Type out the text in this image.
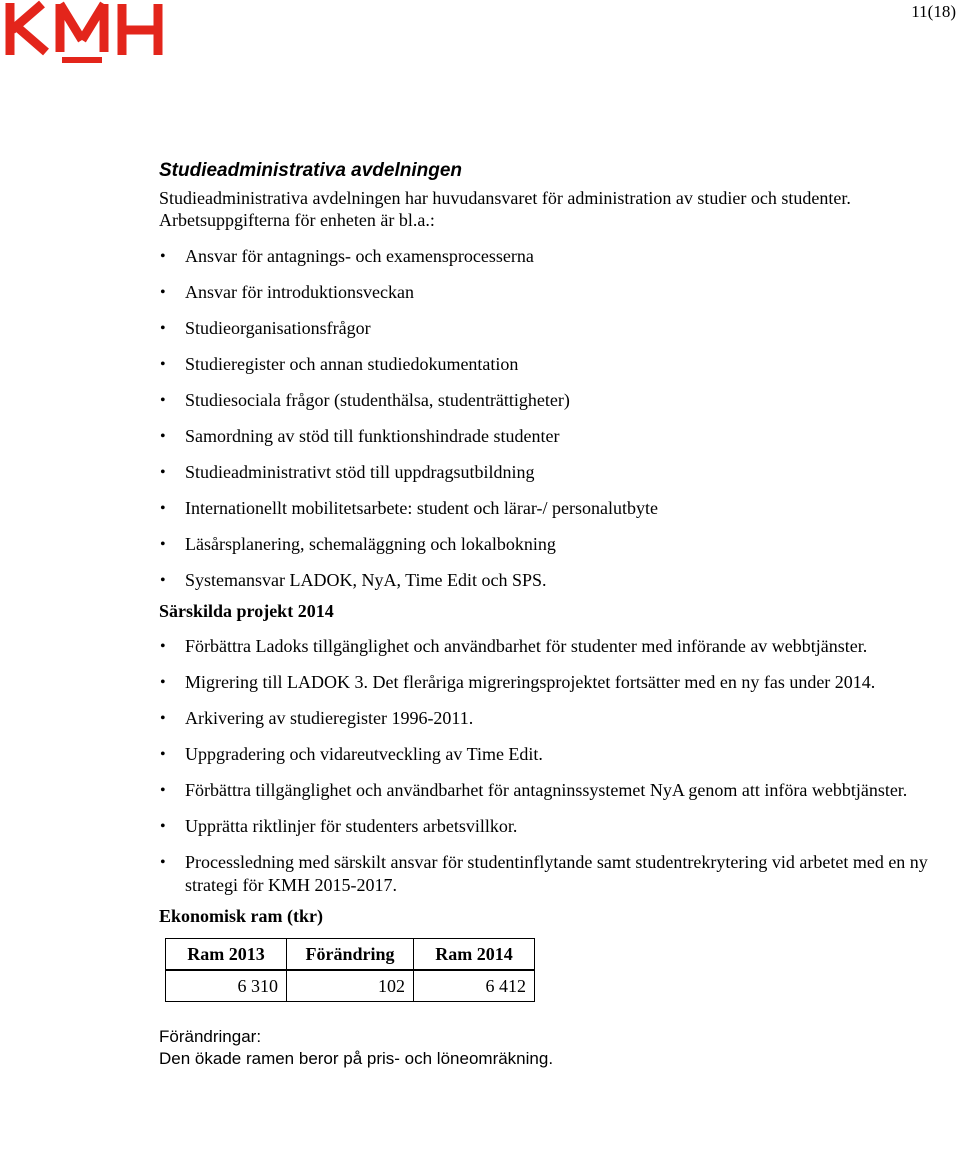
11(18)
Studieadministrativa avdelningen

Studieadministrativa avdelningen har huvudansvaret för administration av studier och studenter. Arbetsuppgifterna för enheten är bl.a.:

• Ansvar för antagnings- och examensprocesserna
• Ansvar för introduktionsveckan
• Studieorganisationsfrågor
• Studieregister och annan studiedokumentation
• Studiesociala frågor (studenthälsa, studenträttigheter)
• Samordning av stöd till funktionshindrade studenter
• Studieadministrativt stöd till uppdragsutbildning
• Internationellt mobilitetsarbete: student och lärar-/ personalutbyte
• Läsårsplanering, schemaläggning och lokalbokning
• Systemansvar LADOK, NyA, Time Edit och SPS.
Särskilda projekt 2014
• Förbättra Ladoks tillgänglighet och användbarhet för studenter med införande av webbtjänster.
• Migrering till LADOK 3. Det fleråriga migreringsprojektet fortsätter med en ny fas under 2014.
• Arkivering av studieregister 1996-2011.
• Uppgradering och vidareutveckling av Time Edit.
• Förbättra tillgänglighet och användbarhet för antagninssystemet NyA genom att införa webbtjänster.
• Upprätta riktlinjer för studenters arbetsvillkor.
• Processledning med särskilt ansvar för studentinflytande samt studentrekrytering vid arbetet med en ny strategi för KMH 2015-2017.
Ekonomisk ram (tkr)
Ram 2013	Förändring	Ram 2014
6 310	102	6 412
Förändringar:
Den ökade ramen beror på pris- och löneomräkning.
